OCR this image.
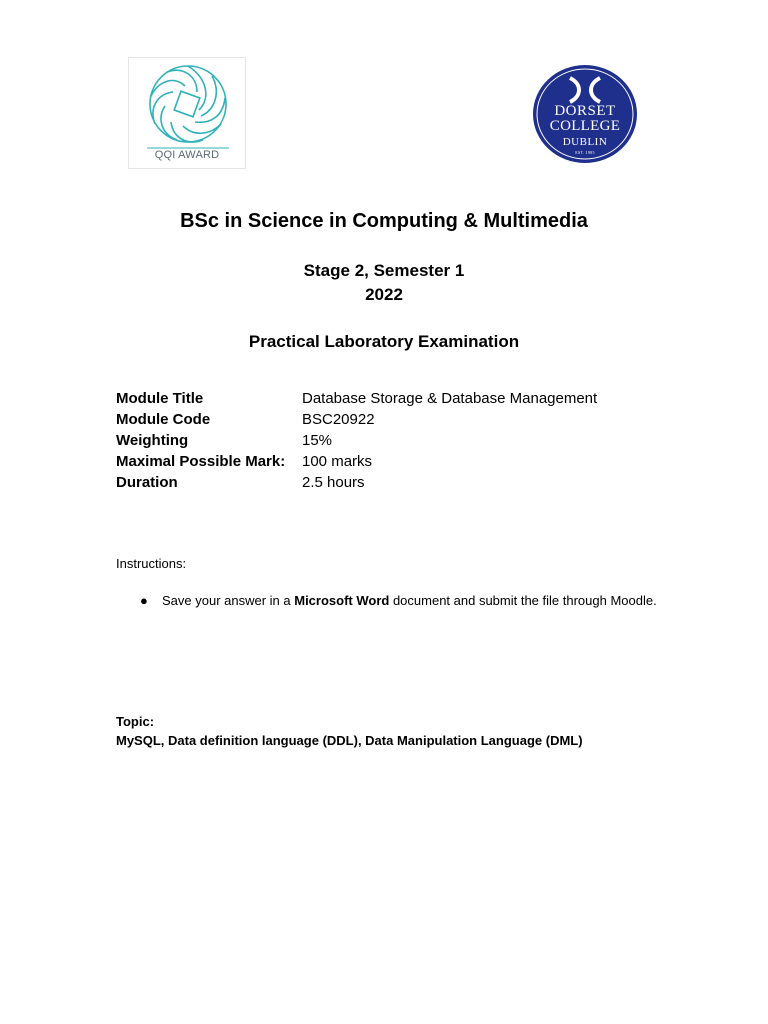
QQI AWARD
DORSET
COLLEGE
DUBLIN
EST. 1985
BSc in Science in Computing & Multimedia
Stage 2, Semester 1
2022
Practical Laboratory Examination
Module Title	Database Storage & Database Management
Module Code	BSC20922
Weighting	15%
Maximal Possible Mark: 100 marks
Duration	2.5 hours
Instructions:
● Save your answer in a Microsoft Word document and submit the file through Moodle.
Topic:
MySQL, Data definition language (DDL), Data Manipulation Language (DML)
